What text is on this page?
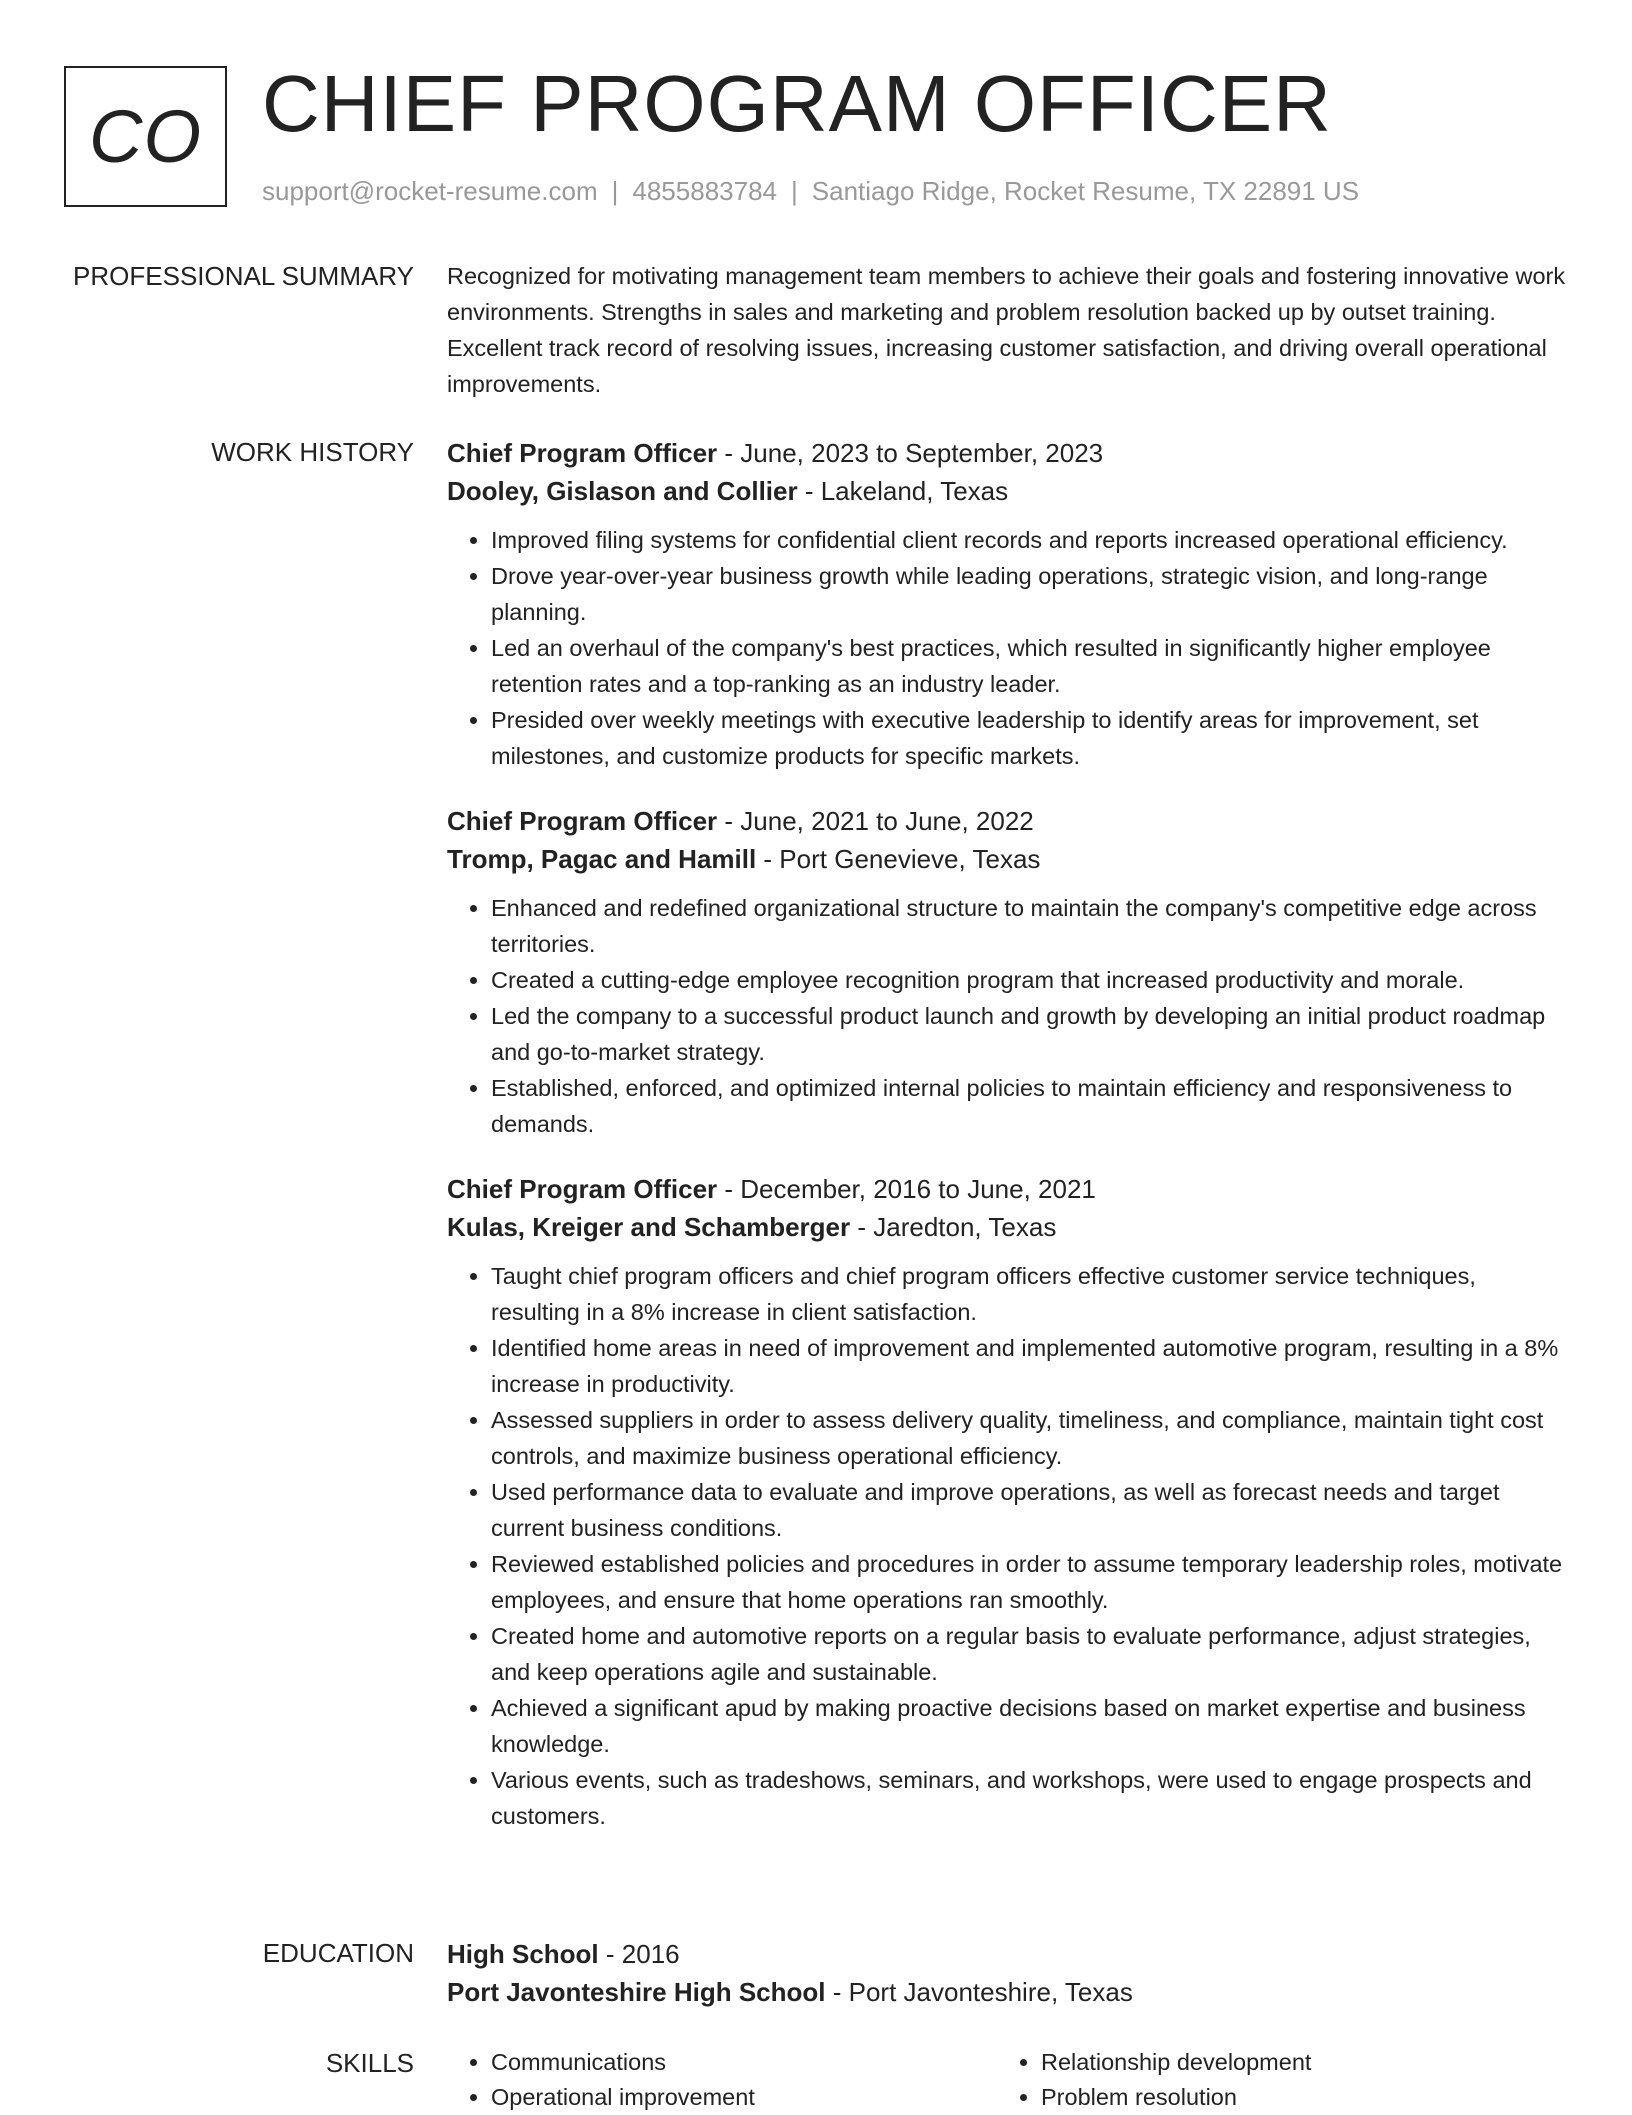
CO CHIEF PROGRAM OFFICER
support@rocket-resume.com | 4855883784 | Santiago Ridge, Rocket Resume, TX 22891 US
PROFESSIONAL SUMMARY Recognized for motivating management team members to achieve their goals and fostering innovative work environments. Strengths in sales and marketing and problem resolution backed up by outset training. Excellent track record of resolving issues, increasing customer satisfaction, and driving overall operational improvements.

WORK HISTORY Chief Program Officer - June, 2023 to September, 2023
Dooley, Gislason and Collier - Lakeland, Texas
• Improved filing systems for confidential client records and reports increased operational efficiency.
• Drove year-over-year business growth while leading operations, strategic vision, and long-range planning.
• Led an overhaul of the company's best practices, which resulted in significantly higher employee retention rates and a top-ranking as an industry leader.
• Presided over weekly meetings with executive leadership to identify areas for improvement, set milestones, and customize products for specific markets.
Chief Program Officer - June, 2021 to June, 2022
Tromp, Pagac and Hamill - Port Genevieve, Texas
• Enhanced and redefined organizational structure to maintain the company's competitive edge across territories.
• Created a cutting-edge employee recognition program that increased productivity and morale.
• Led the company to a successful product launch and growth by developing an initial product roadmap and go-to-market strategy.
• Established, enforced, and optimized internal policies to maintain efficiency and responsiveness to demands.
Chief Program Officer - December, 2016 to June, 2021
Kulas, Kreiger and Schamberger - Jaredton, Texas
• Taught chief program officers and chief program officers effective customer service techniques, resulting in a 8% increase in client satisfaction.
• Identified home areas in need of improvement and implemented automotive program, resulting in a 8% increase in productivity.
• Assessed suppliers in order to assess delivery quality, timeliness, and compliance, maintain tight cost controls, and maximize business operational efficiency.
• Used performance data to evaluate and improve operations, as well as forecast needs and target current business conditions.
• Reviewed established policies and procedures in order to assume temporary leadership roles, motivate employees, and ensure that home operations ran smoothly.
• Created home and automotive reports on a regular basis to evaluate performance, adjust strategies, and keep operations agile and sustainable.
• Achieved a significant apud by making proactive decisions based on market expertise and business knowledge.
• Various events, such as tradeshows, seminars, and workshops, were used to engage prospects and customers.
EDUCATION High School - 2016
Port Javonteshire High School - Port Javonteshire, Texas
SKILLS
•	Communications
• Operational improvement
• Relationship development
• Problem resolution
